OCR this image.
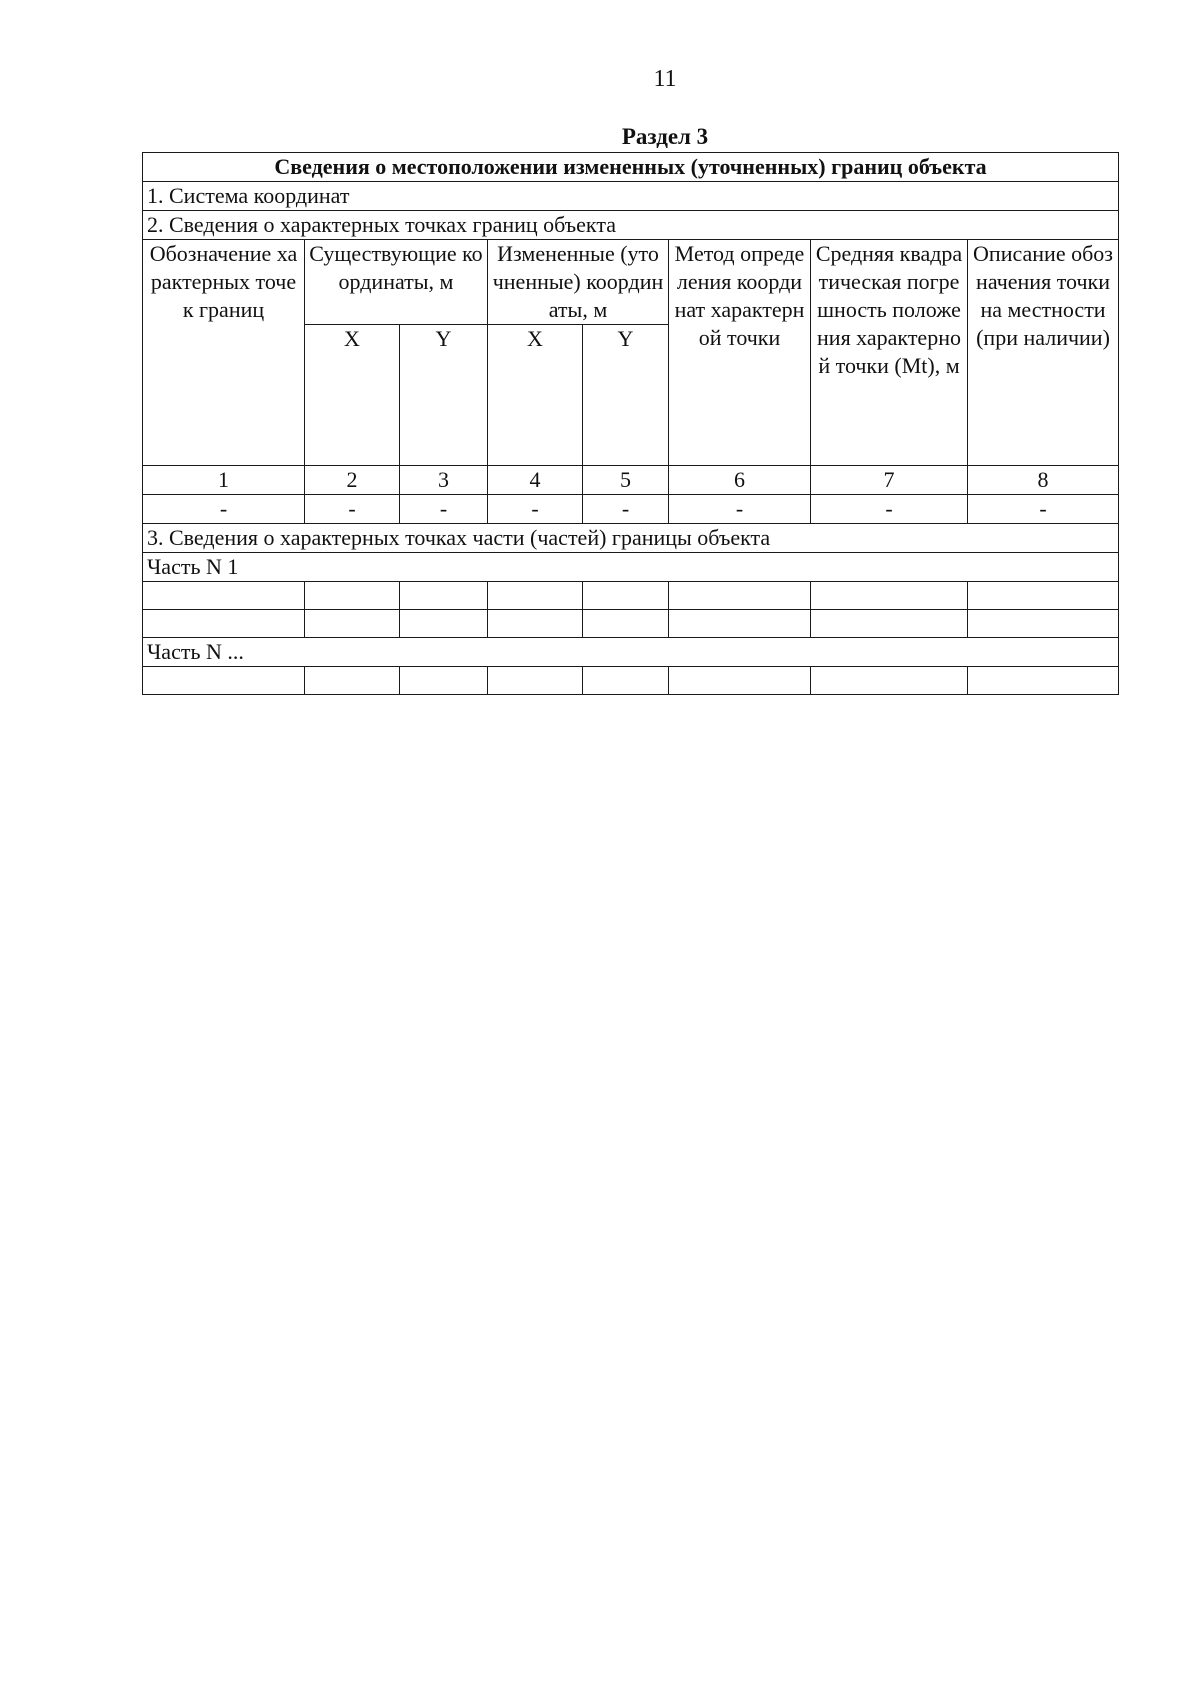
11
Раздел 3
Сведения о местоположении измененных (уточненных) границ объекта							
1. Система координат							
2. Сведения о характерных точках границ объекта							
Обозначение характерных точек границ	Существующие координаты, м		Измененные (уточненные) координаты, м		Метод определения координат характерной точки	Средняя квадратическая погрешность положения характерной точки (Mt), м	Описание обозначения точки на местности (при наличии)
	X	Y	X	Y			
1	2	3	4	5	6	7	8
-	-	-	-	-	-	-	-
3. Сведения о характерных точках части (частей) границы объекта							
Часть N 1							

Часть N ...							
